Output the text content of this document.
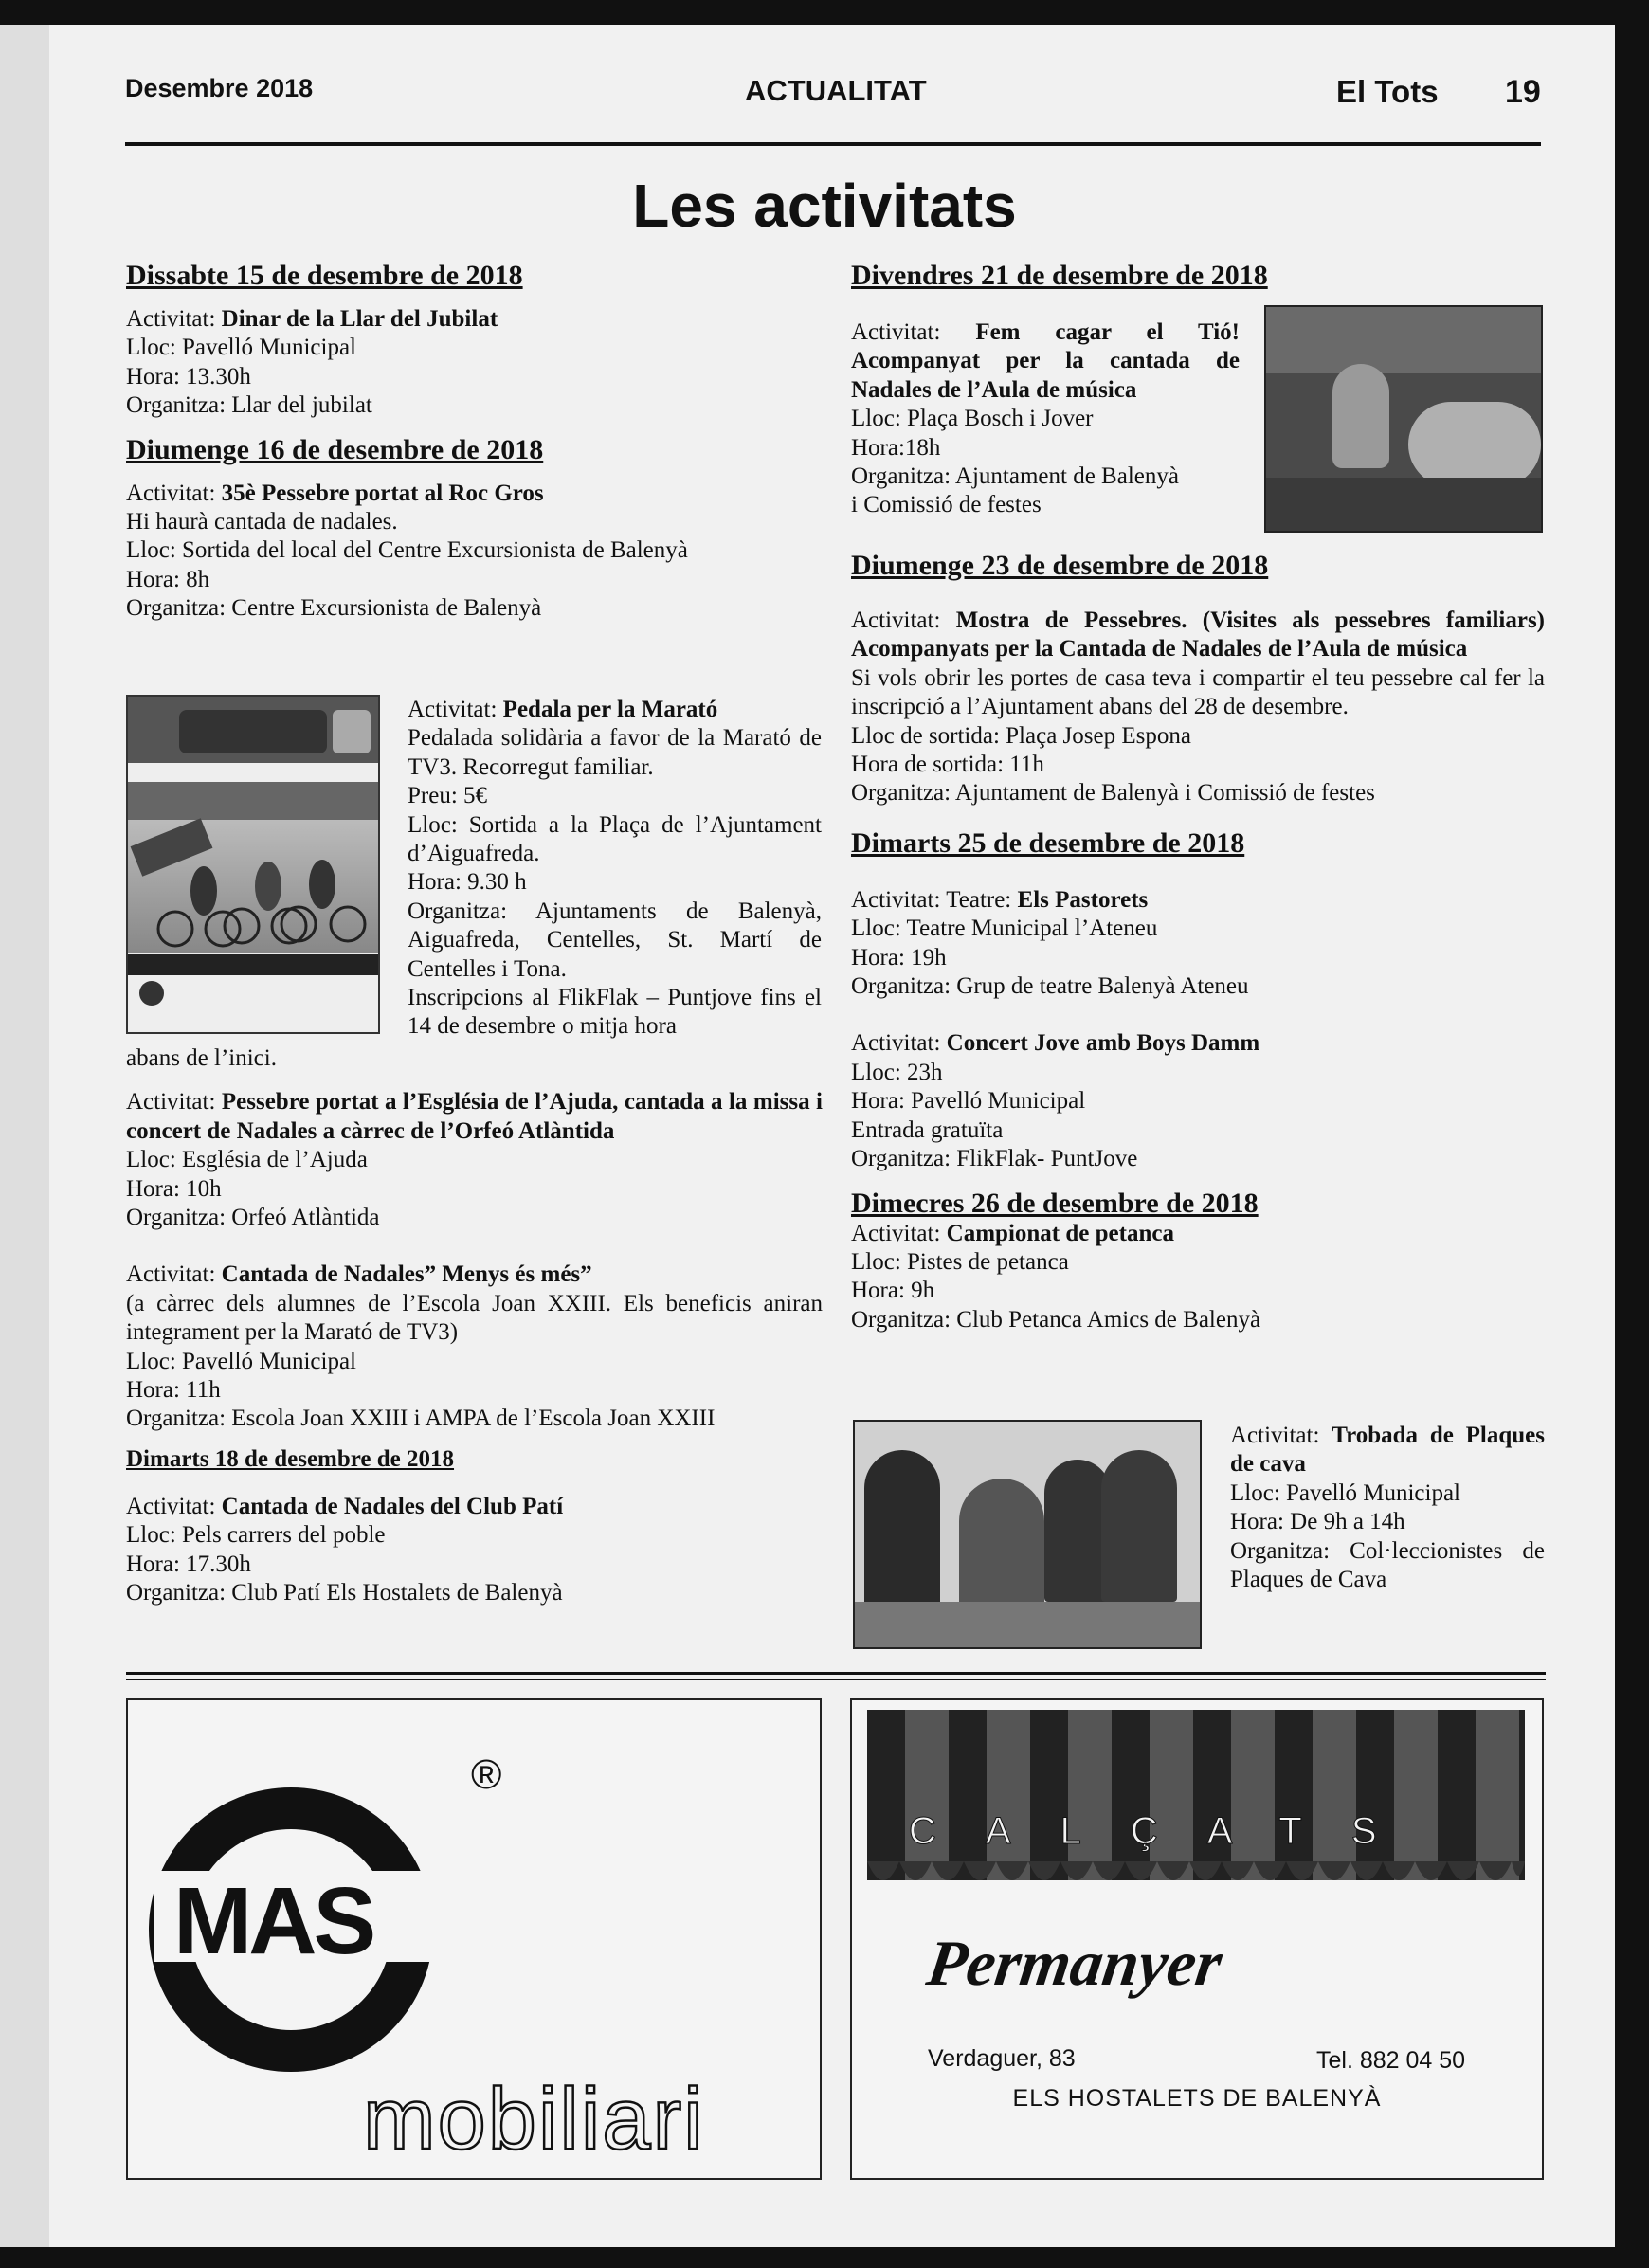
Desembre 2018	ACTUALITAT	El Tots 19
Les activitats

Dissabte 15 de desembre de 2018

Activitat: Dinar de la Llar del Jubilat

Lloc: Pavelló Municipal

Hora: 13.30h

Organitza: Llar del jubilat

Diumenge 16 de desembre de 2018

Activitat: 35è Pessebre portat al Roc Gros

Hi haurà cantada de nadales.

Lloc: Sortida del local del Centre Excursionista de Balenyà

Hora: 8h

Organitza: Centre Excursionista de Balenyà

Activitat: Pedala per la Marató

Pedalada solidària a favor de la Marató de TV3. Recorregut familiar.

Preu: 5€

Lloc: Sortida a la Plaça de l’Ajuntament d’Aiguafreda.

Hora: 9.30 h

Organitza: Ajuntaments de Balenyà, Aiguafreda, Centelles, St. Martí de Centelles i Tona.

Inscripcions al FlikFlak – Puntjove fins el 14 de desembre o mitja hora

abans de l’inici.

Activitat: Pessebre portat a l’Església de l’Ajuda, cantada a la missa i concert de Nadales a càrrec de l’Orfeó Atlàntida

Lloc: Església de l’Ajuda

Hora: 10h

Organitza: Orfeó Atlàntida

Activitat: Cantada de Nadales” Menys és més”

(a càrrec dels alumnes de l’Escola Joan XXIII. Els beneficis aniran integrament per la Marató de TV3)

Lloc: Pavelló Municipal

Hora: 11h

Organitza: Escola Joan XXIII i AMPA de l’Escola Joan XXIII

Dimarts 18 de desembre de 2018

Activitat: Cantada de Nadales del Club Patí

Lloc: Pels carrers del poble

Hora: 17.30h

Organitza: Club Patí Els Hostalets de Balenyà

Divendres 21 de desembre de 2018

Activitat: Fem cagar el Tió! Acompanyat per la cantada de Nadales de l’Aula de música

Lloc: Plaça Bosch i Jover

Hora:18h

Organitza: Ajuntament de Balenyà

i Comissió de festes

Diumenge 23 de desembre de 2018

Activitat: Mostra de Pessebres. (Visites als pessebres familiars) Acompanyats per la Cantada de Nadales de l’Aula de música

Si vols obrir les portes de casa teva i compartir el teu pessebre cal fer la inscripció a l’Ajuntament abans del 28 de desembre.

Lloc de sortida: Plaça Josep Espona

Hora de sortida: 11h

Organitza: Ajuntament de Balenyà i Comissió de festes

Dimarts 25 de desembre de 2018

Activitat: Teatre: Els Pastorets

Lloc: Teatre Municipal l’Ateneu

Hora: 19h

Organitza: Grup de teatre Balenyà Ateneu

Activitat: Concert Jove amb Boys Damm

Lloc: 23h

Hora: Pavelló Municipal

Entrada gratuïta

Organitza: FlikFlak- PuntJove

Dimecres 26 de desembre de 2018

Activitat: Campionat de petanca

Lloc: Pistes de petanca

Hora: 9h

Organitza: Club Petanca Amics de Balenyà

Activitat: Trobada de Plaques de cava

Lloc: Pavelló Municipal

Hora: De 9h a 14h

Organitza: Col·leccionistes de Plaques de Cava

MAS
®
mobiliari
CALÇATS
Permanyer
Verdaguer, 83	Tel. 882 04 50
ELS HOSTALETS DE BALENYÀ
